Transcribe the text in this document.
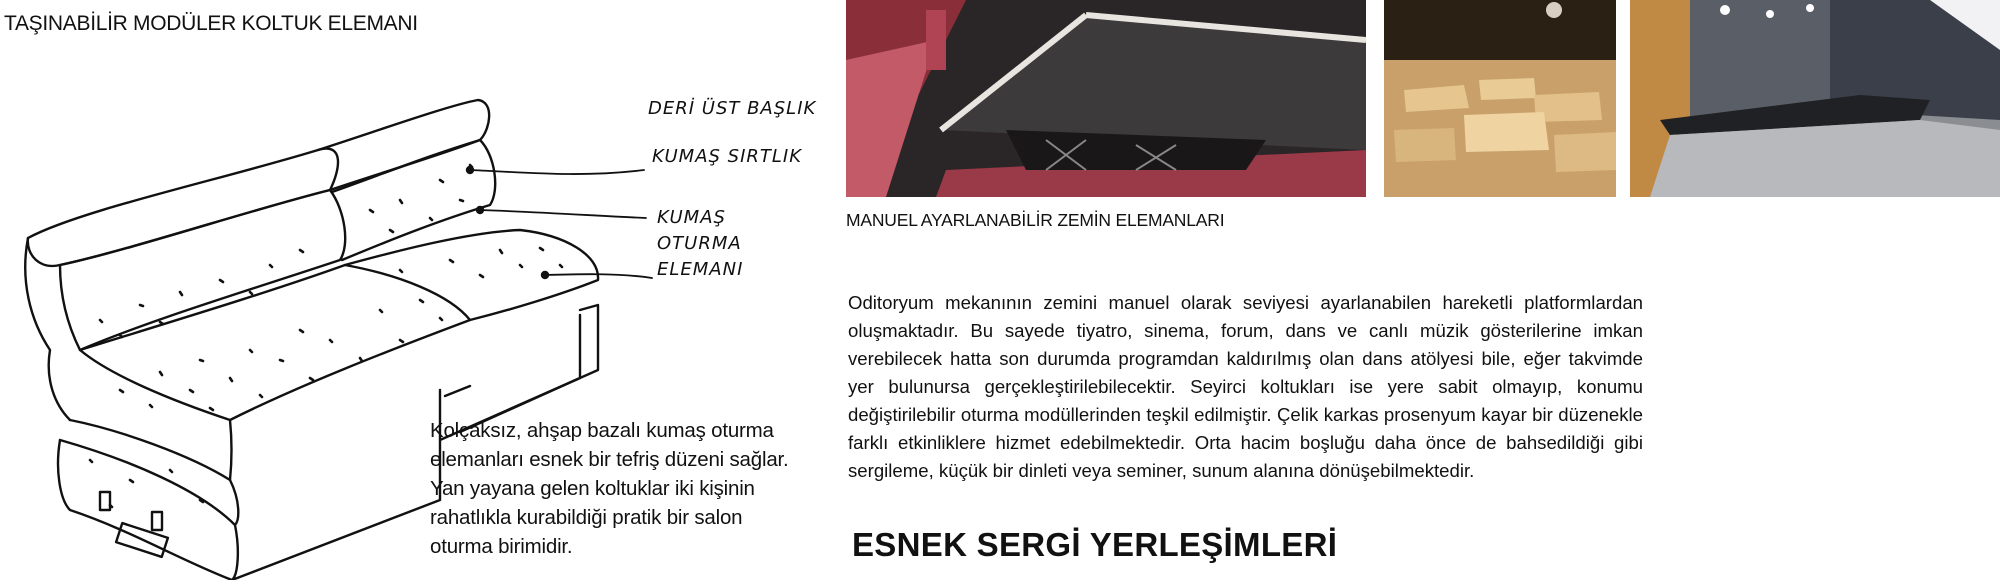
TAŞINABİLİR MODÜLER KOLTUK ELEMANI
DERİ ÜST BAŞLIK
KUMAŞ SIRTLIK
KUMAŞ OTURMA ELEMANI
Kolçaksız, ahşap bazalı kumaş oturma elemanları esnek bir tefriş düzeni sağlar. Yan yayana gelen koltuklar iki kişinin rahatlıkla kurabildiği pratik bir salon oturma birimidir.
MANUEL AYARLANABİLİR ZEMİN ELEMANLARI
Oditoryum mekanının zemini manuel olarak seviyesi ayarlanabilen hareketli platformlardan oluşmaktadır. Bu sayede tiyatro, sinema, forum, dans ve canlı müzik gösterilerine imkan verebilecek hatta son durumda programdan kaldırılmış olan dans atölyesi bile, eğer takvimde yer bulunursa gerçekleştirilebilecektir. Seyirci koltukları ise yere sabit olmayıp, konumu değiştirilebilir oturma modüllerinden teşkil edilmiştir. Çelik karkas prosenyum kayar bir düzenekle farklı etkinliklere hizmet edebilmektedir. Orta hacim boşluğu daha önce de bahsedildiği gibi sergileme, küçük bir dinleti veya seminer, sunum alanına dönüşebilmektedir.
ESNEK SERGİ YERLEŞİMLERİ
